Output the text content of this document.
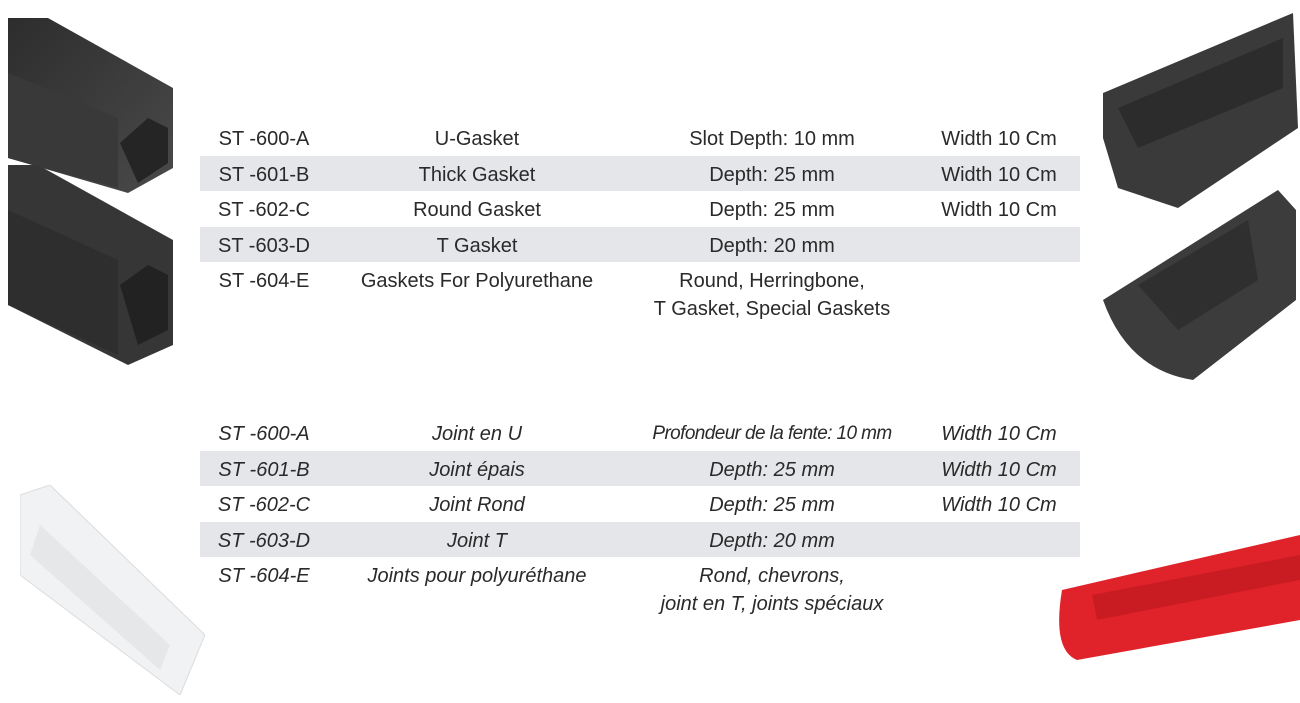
ST -600-A	U-Gasket	Slot Depth: 10 mm	Width 10 Cm
ST -601-B	Thick Gasket	Depth: 25 mm	Width 10 Cm
ST -602-C	Round Gasket	Depth: 25 mm	Width 10 Cm
ST -603-D	T Gasket	Depth: 20 mm
ST -604-E	Gaskets For Polyurethane	Round, Herringbone,
T Gasket, Special Gaskets
ST -600-A	Joint en U	Profondeur de la fente: 10 mm	Width 10 Cm
ST -601-B	Joint épais	Depth: 25 mm	Width 10 Cm
ST -602-C	Joint Rond	Depth: 25 mm	Width 10 Cm
ST -603-D	Joint T	Depth: 20 mm
ST -604-E	Joints pour polyuréthane	Rond, chevrons,
joint en T, joints spéciaux
